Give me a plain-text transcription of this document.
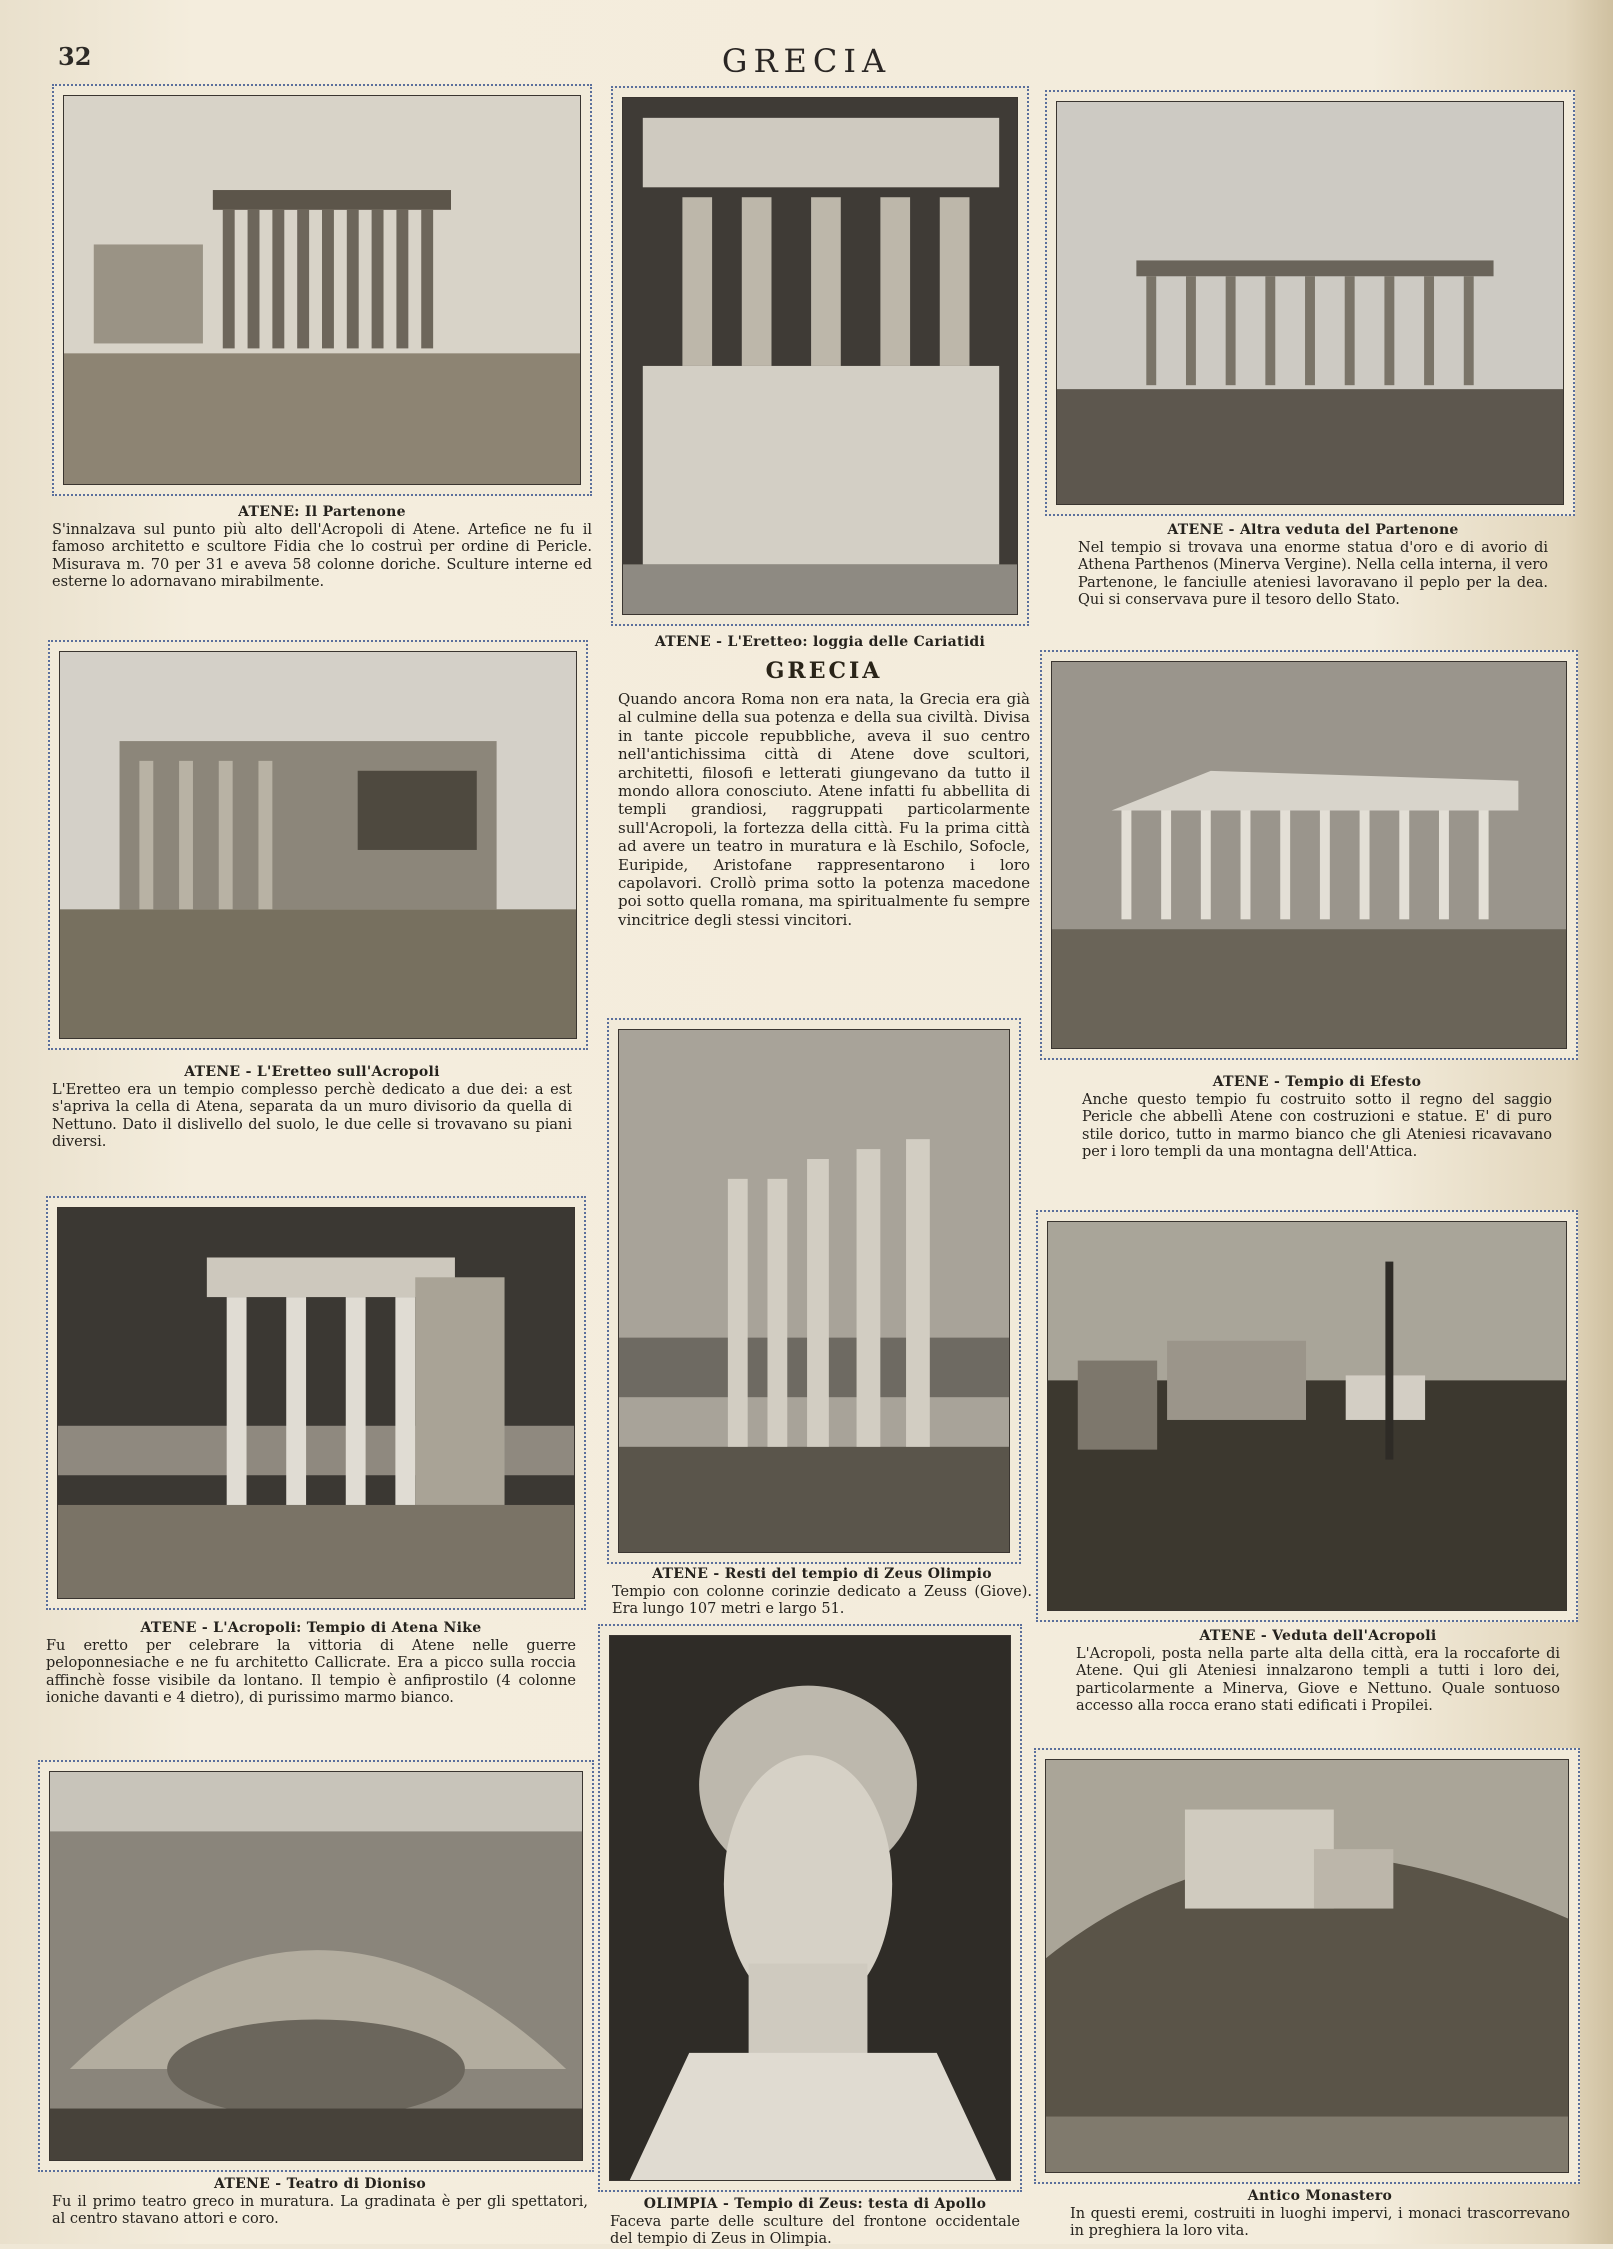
32	GRECIA
ATENE: Il Partenone
S'innalzava sul punto più alto dell'Acropoli di Atene. Artefice ne fu il famoso architetto e scultore Fidia che lo costruì per ordine di Pericle. Misurava m. 70 per 31 e aveva 58 colonne doriche. Sculture interne ed esterne lo adornavano mirabilmente.
ATENE - L'Eretteo: loggia delle Cariatidi
GRECIA
Quando ancora Roma non era nata, la Grecia era già al culmine della sua potenza e della sua civiltà. Divisa in tante piccole repubbliche, aveva il suo centro nell'antichissima città di Atene dove scultori, architetti, filosofi e letterati giungevano da tutto il mondo allora conosciuto. Atene infatti fu abbellita di templi grandiosi, raggruppati particolarmente sull'Acropoli, la fortezza della città. Fu la prima città ad avere un teatro in muratura e là Eschilo, Sofocle, Euripide, Aristofane rappresentarono i loro capolavori. Crollò prima sotto la potenza macedone poi sotto quella romana, ma spiritualmente fu sempre vincitrice degli stessi vincitori.
ATENE - Altra veduta del Partenone
Nel tempio si trovava una enorme statua d'oro e di avorio di Athena Parthenos (Minerva Vergine). Nella cella interna, il vero Partenone, le fanciulle ateniesi lavoravano il peplo per la dea. Qui si conservava pure il tesoro dello Stato.
ATENE - L'Eretteo sull'Acropoli
L'Eretteo era un tempio complesso perchè dedicato a due dei: a est s'apriva la cella di Atena, separata da un muro divisorio da quella di Nettuno. Dato il dislivello del suolo, le due celle si trovavano su piani diversi.
ATENE - Tempio di Efesto
Anche questo tempio fu costruito sotto il regno del saggio Pericle che abbellì Atene con costruzioni e statue. E' di puro stile dorico, tutto in marmo bianco che gli Ateniesi ricavavano per i loro templi da una montagna dell'Attica.
ATENE - Resti del tempio di Zeus Olimpio
Tempio con colonne corinzie dedicato a Zeuss (Giove). Era lungo 107 metri e largo 51.
ATENE - L'Acropoli: Tempio di Atena Nike
Fu eretto per celebrare la vittoria di Atene nelle guerre peloponnesiache e ne fu architetto Callicrate. Era a picco sulla roccia affinchè fosse visibile da lontano. Il tempio è anfiprostilo (4 colonne ioniche davanti e 4 dietro), di purissimo marmo bianco.
ATENE - Veduta dell'Acropoli
L'Acropoli, posta nella parte alta della città, era la roccaforte di Atene. Qui gli Ateniesi innalzarono templi a tutti i loro dei, particolarmente a Minerva, Giove e Nettuno. Quale sontuoso accesso alla rocca erano stati edificati i Propilei.
ATENE - Teatro di Dioniso
Fu il primo teatro greco in muratura. La gradinata è per gli spettatori, al centro stavano attori e coro.
OLIMPIA - Tempio di Zeus: testa di Apollo
Faceva parte delle sculture del frontone occidentale del tempio di Zeus in Olimpia.
Antico Monastero
In questi eremi, costruiti in luoghi impervi, i monaci trascorrevano in preghiera la loro vita.
